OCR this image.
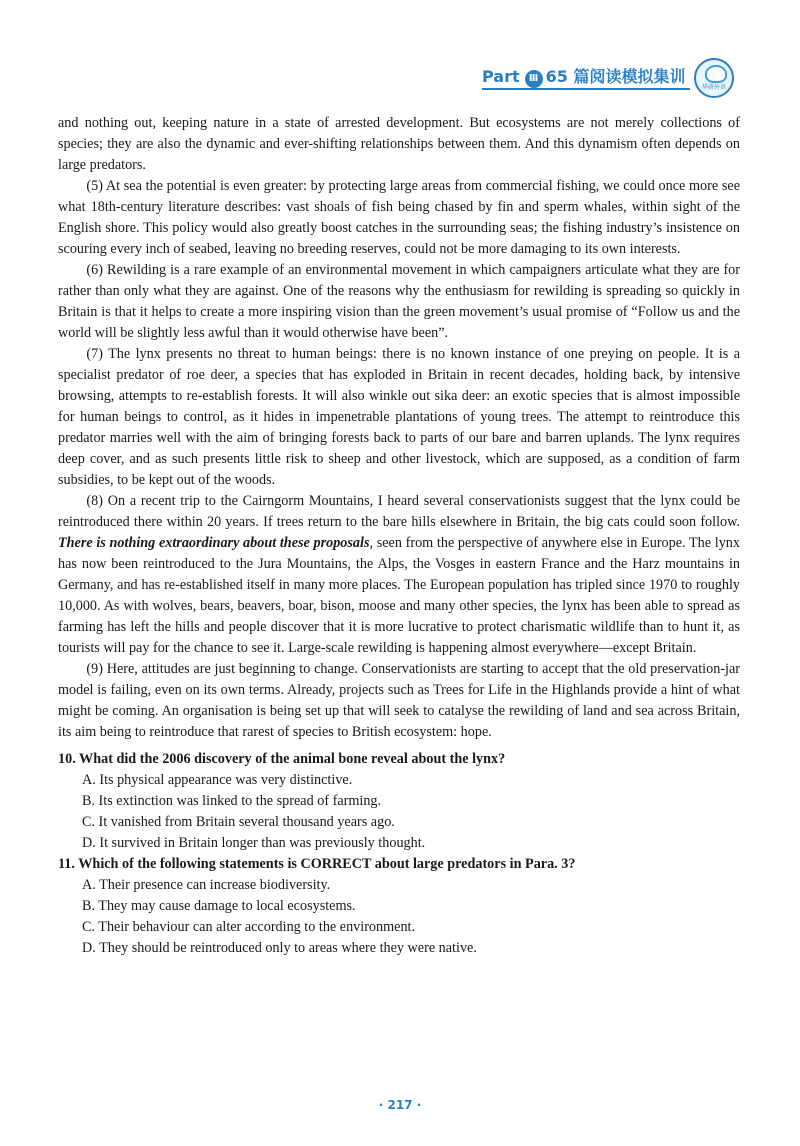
Part Ⅲ 65 篇阅读模拟集训
华研外语

and nothing out, keeping nature in a state of arrested development. But ecosystems are not merely collections of species; they are also the dynamic and ever-shifting relationships between them. And this dynamism often depends on large predators.

(5) At sea the potential is even greater: by protecting large areas from commercial fishing, we could once more see what 18th-century literature describes: vast shoals of fish being chased by fin and sperm whales, within sight of the English shore. This policy would also greatly boost catches in the surrounding seas; the fishing industry’s insistence on scouring every inch of seabed, leaving no breeding reserves, could not be more damaging to its own interests.

(6) Rewilding is a rare example of an environmental movement in which campaigners articulate what they are for rather than only what they are against. One of the reasons why the enthusiasm for rewilding is spreading so quickly in Britain is that it helps to create a more inspiring vision than the green movement’s usual promise of “Follow us and the world will be slightly less awful than it would otherwise have been”.

(7) The lynx presents no threat to human beings: there is no known instance of one preying on people. It is a specialist predator of roe deer, a species that has exploded in Britain in recent decades, holding back, by intensive browsing, attempts to re-establish forests. It will also winkle out sika deer: an exotic species that is almost impossible for human beings to control, as it hides in impenetrable plantations of young trees. The attempt to reintroduce this predator marries well with the aim of bringing forests back to parts of our bare and barren uplands. The lynx requires deep cover, and as such presents little risk to sheep and other livestock, which are supposed, as a condition of farm subsidies, to be kept out of the woods.

(8) On a recent trip to the Cairngorm Mountains, I heard several conservationists suggest that the lynx could be reintroduced there within 20 years. If trees return to the bare hills elsewhere in Britain, the big cats could soon follow. There is nothing extraordinary about these proposals, seen from the perspective of anywhere else in Europe. The lynx has now been reintroduced to the Jura Mountains, the Alps, the Vosges in eastern France and the Harz mountains in Germany, and has re-established itself in many more places. The European population has tripled since 1970 to roughly 10,000. As with wolves, bears, beavers, boar, bison, moose and many other species, the lynx has been able to spread as farming has left the hills and people discover that it is more lucrative to protect charismatic wildlife than to hunt it, as tourists will pay for the chance to see it. Large-scale rewilding is happening almost everywhere—except Britain.

(9) Here, attitudes are just beginning to change. Conservationists are starting to accept that the old preservation-jar model is failing, even on its own terms. Already, projects such as Trees for Life in the Highlands provide a hint of what might be coming. An organisation is being set up that will seek to catalyse the rewilding of land and sea across Britain, its aim being to reintroduce that rarest of species to British ecosystem: hope.

10. What did the 2006 discovery of the animal bone reveal about the lynx?

A. Its physical appearance was very distinctive.

B. Its extinction was linked to the spread of farming.

C. It vanished from Britain several thousand years ago.

D. It survived in Britain longer than was previously thought.

11. Which of the following statements is CORRECT about large predators in Para. 3?

A. Their presence can increase biodiversity.

B. They may cause damage to local ecosystems.

C. Their behaviour can alter according to the environment.

D. They should be reintroduced only to areas where they were native.

· 217 ·
